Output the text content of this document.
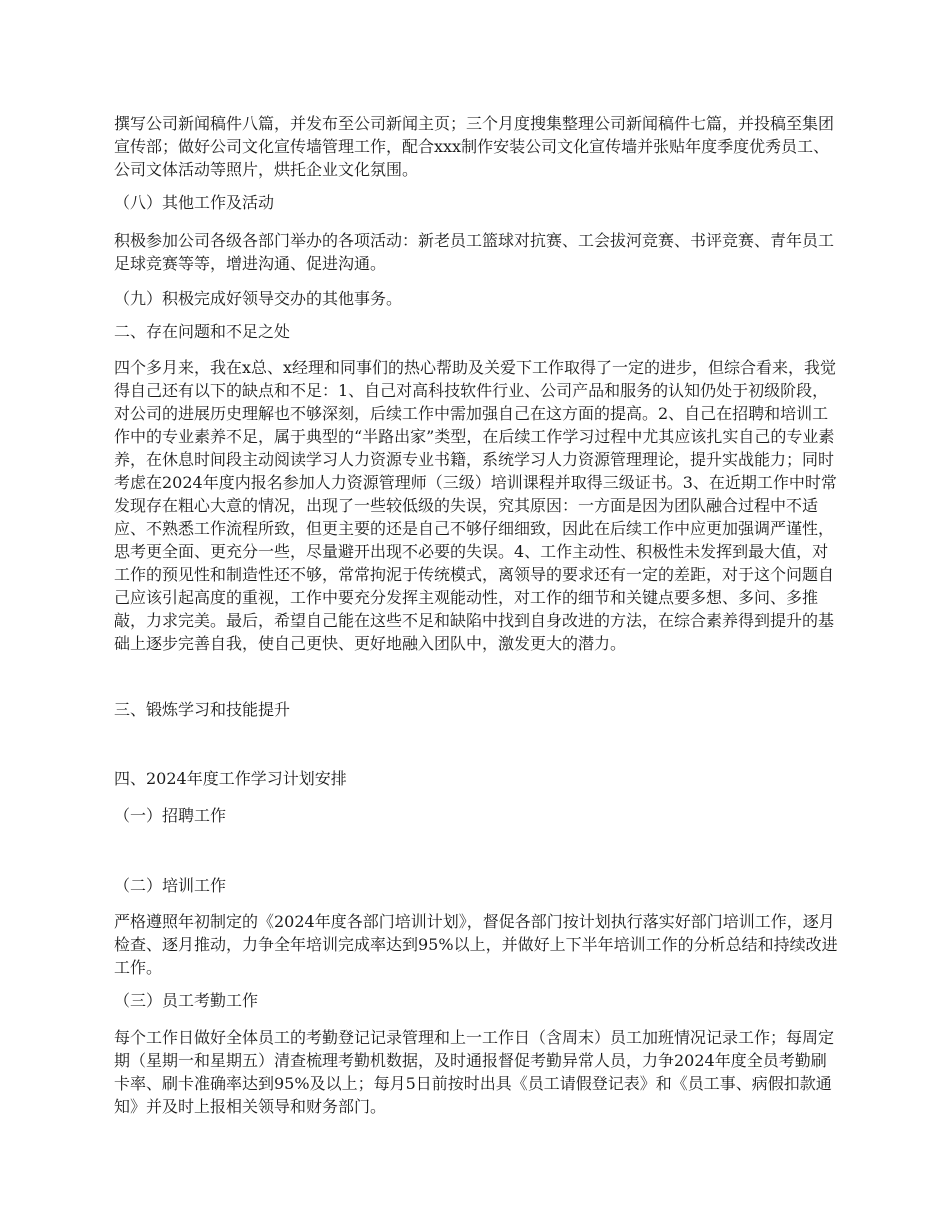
撰写公司新闻稿件八篇，并发布至公司新闻主页；三个月度搜集整理公司新闻稿件七篇，并投稿至集团宣传部；做好公司文化宣传墙管理工作，配合xxx制作安装公司文化宣传墙并张贴年度季度优秀员工、公司文体活动等照片，烘托企业文化氛围。

（八）其他工作及活动

积极参加公司各级各部门举办的各项活动：新老员工篮球对抗赛、工会拔河竞赛、书评竞赛、青年员工足球竞赛等等，增进沟通、促进沟通。

（九）积极完成好领导交办的其他事务。

二、存在问题和不足之处

四个多月来，我在x总、x经理和同事们的热心帮助及关爱下工作取得了一定的进步，但综合看来，我觉得自己还有以下的缺点和不足：1、自己对高科技软件行业、公司产品和服务的认知仍处于初级阶段，对公司的进展历史理解也不够深刻，后续工作中需加强自己在这方面的提高。2、自己在招聘和培训工作中的专业素养不足，属于典型的“半路出家”类型，在后续工作学习过程中尤其应该扎实自己的专业素养，在休息时间段主动阅读学习人力资源专业书籍，系统学习人力资源管理理论，提升实战能力；同时考虑在2024年度内报名参加人力资源管理师（三级）培训课程并取得三级证书。3、在近期工作中时常发现存在粗心大意的情况，出现了一些较低级的失误，究其原因：一方面是因为团队融合过程中不适应、不熟悉工作流程所致，但更主要的还是自己不够仔细细致，因此在后续工作中应更加强调严谨性，思考更全面、更充分一些，尽量避开出现不必要的失误。4、工作主动性、积极性未发挥到最大值，对工作的预见性和制造性还不够，常常拘泥于传统模式，离领导的要求还有一定的差距，对于这个问题自己应该引起高度的重视，工作中要充分发挥主观能动性，对工作的细节和关键点要多想、多问、多推敲，力求完美。最后，希望自己能在这些不足和缺陷中找到自身改进的方法，在综合素养得到提升的基础上逐步完善自我，使自己更快、更好地融入团队中，激发更大的潜力。

三、锻炼学习和技能提升

四、2024年度工作学习计划安排

（一）招聘工作

（二）培训工作

严格遵照年初制定的《2024年度各部门培训计划》，督促各部门按计划执行落实好部门培训工作，逐月检查、逐月推动，力争全年培训完成率达到95%以上，并做好上下半年培训工作的分析总结和持续改进工作。

（三）员工考勤工作

每个工作日做好全体员工的考勤登记记录管理和上一工作日（含周末）员工加班情况记录工作；每周定期（星期一和星期五）清查梳理考勤机数据，及时通报督促考勤异常人员，力争2024年度全员考勤刷卡率、刷卡准确率达到95%及以上；每月5日前按时出具《员工请假登记表》和《员工事、病假扣款通知》并及时上报相关领导和财务部门。
